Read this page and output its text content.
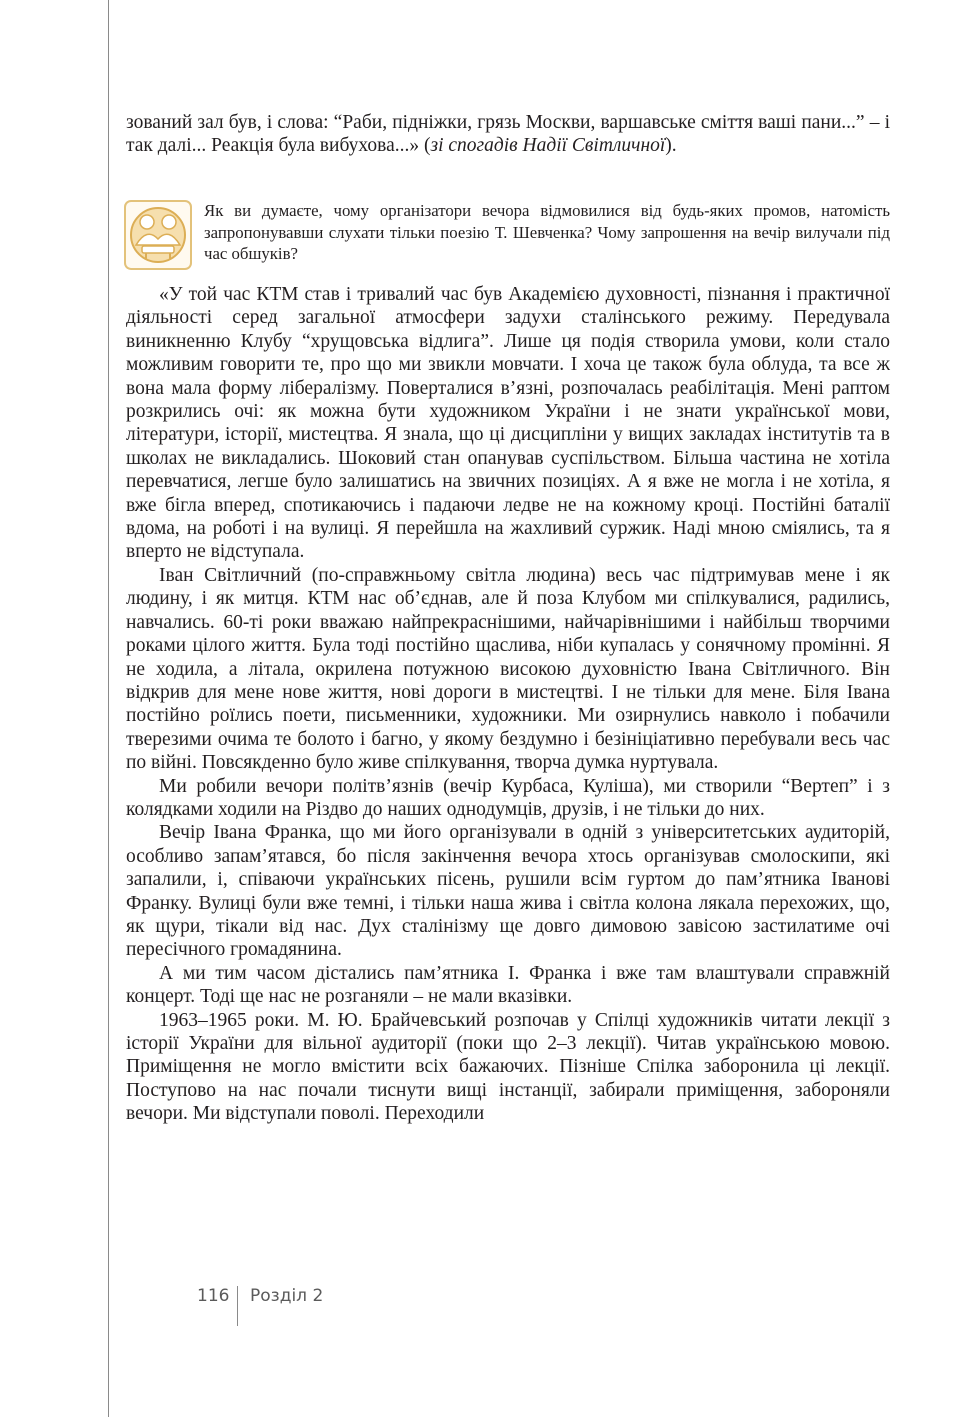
зований зал був, і слова: “Раби, підніжки, грязь Москви, варшавське сміття ваші пани...” – і так далі... Реакція була вибухова...» (зі спогадів Надії Світличної).

Як ви думаєте, чому організатори вечора відмовилися від будь-яких промов, натомість запропонувавши слухати тільки поезію Т. Шевченка? Чому запрошення на вечір вилучали під час обшуків?

«У той час КТМ став і тривалий час був Академією духовності, пізнання і практичної діяльності серед загальної атмосфери задухи сталінського режиму. Передувала виникненню Клубу “хрущовська відлига”. Лише ця подія створила умови, коли стало можливим говорити те, про що ми звикли мовчати. І хоча це також була облуда, та все ж вона мала форму лібералізму. Поверталися в’язні, розпочалась реабілітація. Мені раптом розкрились очі: як можна бути художником України і не знати української мови, літератури, історії, мистецтва. Я знала, що ці дисципліни у вищих закладах інститутів та в школах не викладались. Шоковий стан опанував суспільством. Більша частина не хотіла перевчатися, легше було залишатись на звичних позиціях. А я вже не могла і не хотіла, я вже бігла вперед, спотикаючись і падаючи ледве не на кожному кроці. Постійні баталії вдома, на роботі і на вулиці. Я перейшла на жахливий суржик. Наді мною сміялись, та я вперто не відступала.

Іван Світличний (по-справжньому світла людина) весь час підтримував мене і як людину, і як митця. КТМ нас об’єднав, але й поза Клубом ми спілкувалися, радились, навчались. 60-ті роки вважаю найпрекраснішими, найчарівнішими і найбільш творчими роками цілого життя. Була тоді постійно щаслива, ніби купалась у сонячному промінні. Я не ходила, а літала, окрилена потужною високою духовністю Івана Світличного. Він відкрив для мене нове життя, нові дороги в мистецтві. І не тільки для мене. Біля Івана постійно роїлись поети, письменники, художники. Ми озирнулись навколо і побачили тверезими очима те болото і багно, у якому бездумно і безініціативно перебували весь час по війні. Повсякденно було живе спілкування, творча думка нуртувала.

Ми робили вечори політв’язнів (вечір Курбаса, Куліша), ми створили “Вертеп” і з колядками ходили на Різдво до наших однодумців, друзів, і не тільки до них.

Вечір Івана Франка, що ми його організували в одній з університетських аудиторій, особливо запам’ятався, бо після закінчення вечора хтось організував смолоскипи, які запалили, і, співаючи українських пісень, рушили всім гуртом до пам’ятника Іванові Франку. Вулиці були вже темні, і тільки наша жива і світла колона лякала перехожих, що, як щури, тікали від нас. Дух сталінізму ще довго димовою завісою застилатиме очі пересічного громадянина.

А ми тим часом дістались пам’ятника І. Франка і вже там влаштували справжній концерт. Тоді ще нас не розганяли – не мали вказівки.

1963–1965 роки. М. Ю. Брайчевський розпочав у Спілці художників читати лекції з історії України для вільної аудиторії (поки що 2–3 лекції). Читав українською мовою. Приміщення не могло вмістити всіх бажаючих. Пізніше Спілка заборонила ці лекції. Поступово на нас почали тиснути вищі інстанції, забирали приміщення, забороняли вечори. Ми відступали поволі. Переходили

116 Розділ 2
